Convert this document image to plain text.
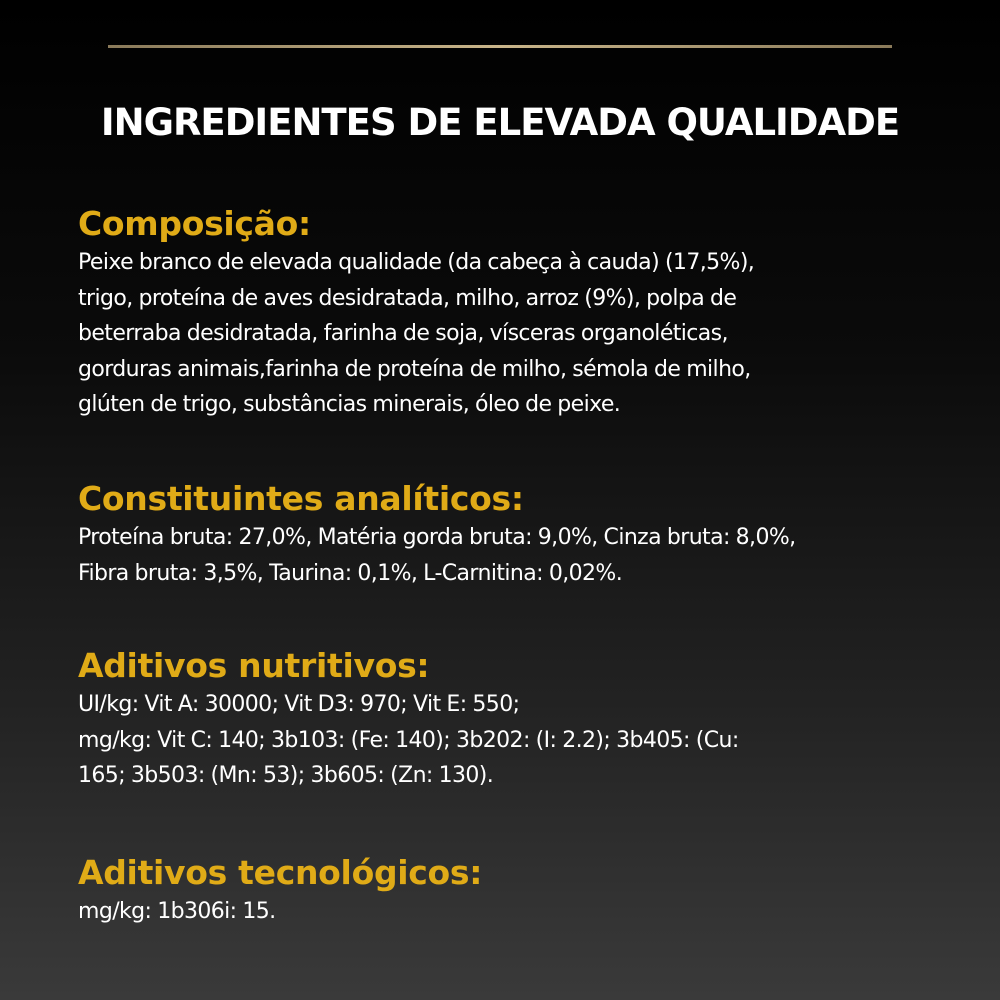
INGREDIENTES DE ELEVADA QUALIDADE
Composição:
Peixe branco de elevada qualidade (da cabeça à cauda) (17,5%),
trigo, proteína de aves desidratada, milho, arroz (9%), polpa de
beterraba desidratada, farinha de soja, vísceras organoléticas,
gorduras animais,farinha de proteína de milho, sémola de milho,
glúten de trigo, substâncias minerais, óleo de peixe.
Constituintes analíticos:
Proteína bruta: 27,0%, Matéria gorda bruta: 9,0%, Cinza bruta: 8,0%,
Fibra bruta: 3,5%, Taurina: 0,1%, L-Carnitina: 0,02%.
Aditivos nutritivos:
UI/kg: Vit A: 30000; Vit D3: 970; Vit E: 550;
mg/kg: Vit C: 140; 3b103: (Fe: 140); 3b202: (I: 2.2); 3b405: (Cu:
165; 3b503: (Mn: 53); 3b605: (Zn: 130).
Aditivos tecnológicos:
mg/kg: 1b306i: 15.
